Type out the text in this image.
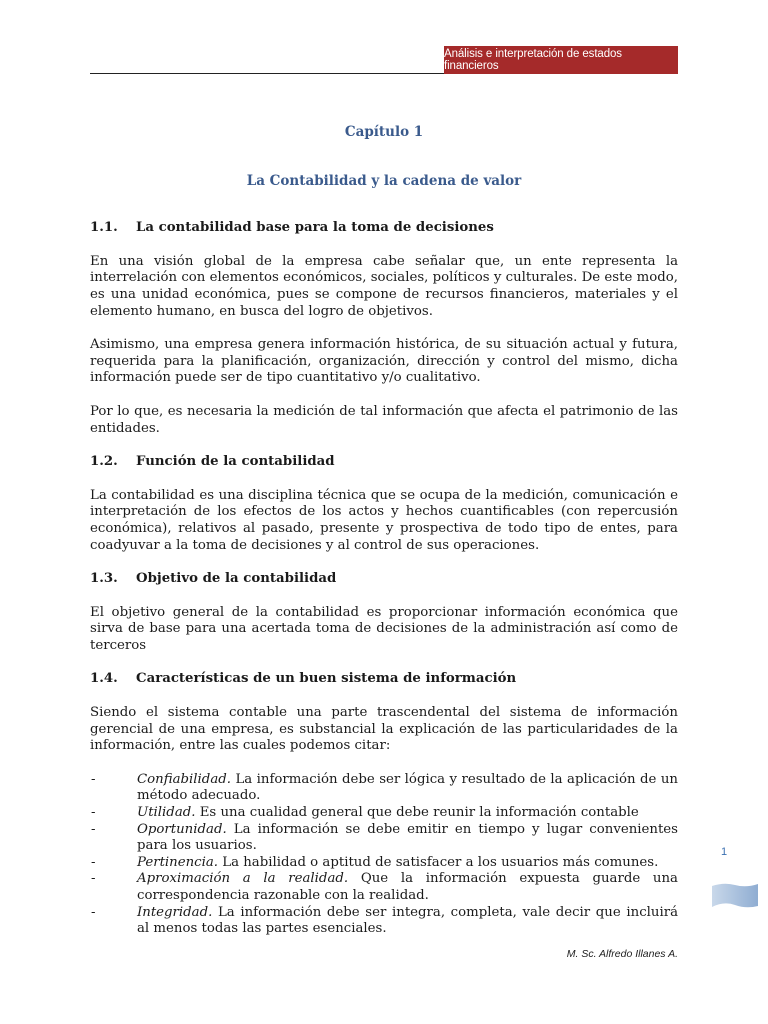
Análisis e interpretación de estados financieros
Capítulo 1
La Contabilidad y la cadena de valor
1.1.	La contabilidad base para la toma de decisiones

En una visión global de la empresa cabe señalar que, un ente representa la interrelación con elementos económicos, sociales, políticos y culturales. De este modo, es una unidad económica, pues se compone de recursos financieros, materiales y el elemento humano, en busca del logro de objetivos.

Asimismo, una empresa genera información histórica, de su situación actual y futura, requerida para la planificación, organización, dirección y control del mismo, dicha información puede ser de tipo cuantitativo y/o cualitativo.

Por lo que, es necesaria la medición de tal información que afecta el patrimonio de las entidades.

1.2.	Función de la contabilidad

La contabilidad es una disciplina técnica que se ocupa de la medición, comunicación e interpretación de los efectos de los actos y hechos cuantificables (con repercusión económica), relativos al pasado, presente y prospectiva de todo tipo de entes, para coadyuvar a la toma de decisiones y al control de sus operaciones.

1.3.	Objetivo de la contabilidad

El objetivo general de la contabilidad es proporcionar información económica que sirva de base para una acertada toma de decisiones de la administración así como de terceros

1.4.	Características de un buen sistema de información

Siendo el sistema contable una parte trascendental del sistema de información gerencial de una empresa, es substancial la explicación de las particularidades de la información, entre las cuales podemos citar:

-	Confiabilidad. La información debe ser lógica y resultado de la aplicación de un método adecuado.
-	Utilidad. Es una cualidad general que debe reunir la información contable
-	Oportunidad. La información se debe emitir en tiempo y lugar convenientes para los usuarios.
-	Pertinencia. La habilidad o aptitud de satisfacer a los usuarios más comunes.
-	Aproximación a la realidad. Que la información expuesta guarde una correspondencia razonable con la realidad.
-	Integridad. La información debe ser integra, completa, vale decir que incluirá al menos todas las partes esenciales.
1
M. Sc. Alfredo Illanes A.
